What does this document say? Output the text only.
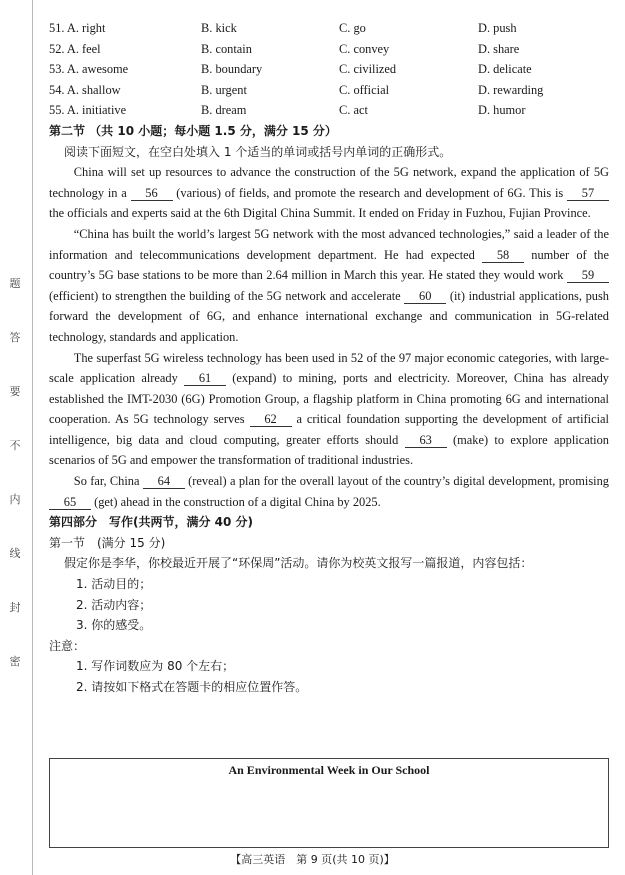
题
答
要
不
内
线
封
密
51. A. right	B. kick	C. go	D. push
52. A. feel	B. contain	C. convey	D. share
53. A. awesome	B. boundary	C. civilized	D. delicate
54. A. shallow	B. urgent	C. official	D. rewarding
55. A. initiative	B. dream	C. act	D. humor
第二节 （共 10 小题；每小题 1.5 分，满分 15 分）
阅读下面短文，在空白处填入 1 个适当的单词或括号内单词的正确形式。

China will set up resources to advance the construction of the 5G network, expand the application of 5G technology in a 56 (various) of fields, and promote the research and development of 6G. This is 57 the officials and experts said at the 6th Digital China Summit. It ended on Friday in Fuzhou, Fujian Province.

“China has built the world’s largest 5G network with the most advanced technologies,” said a leader of the information and telecommunications development department. He had expected 58 number of the country’s 5G base stations to be more than 2.64 million in March this year. He stated they would work 59 (efficient) to strengthen the building of the 5G network and accelerate 60 (it) industrial applications, push forward the development of 6G, and enhance international exchange and communication in 5G-related technology, standards and application.

The superfast 5G wireless technology has been used in 52 of the 97 major economic categories, with large-scale application already 61 (expand) to mining, ports and electricity. Moreover, China has already established the IMT-2030 (6G) Promotion Group, a flagship platform in China promoting 6G and international cooperation. As 5G technology serves 62 a critical foundation supporting the development of artificial intelligence, big data and cloud computing, greater efforts should 63 (make) to explore application scenarios of 5G and empower the transformation of traditional industries.

So far, China 64 (reveal) a plan for the overall layout of the country’s digital development, promising 65 (get) ahead in the construction of a digital China by 2025.

第四部分　写作(共两节，满分 40 分)
第一节　(满分 15 分)
假定你是李华，你校最近开展了“环保周”活动。请你为校英文报写一篇报道，内容包括：
1. 活动目的；
2. 活动内容；
3. 你的感受。
注意：
1. 写作词数应为 80 个左右；
2. 请按如下格式在答题卡的相应位置作答。
An Environmental Week in Our School
【高三英语　第 9 页(共 10 页)】
